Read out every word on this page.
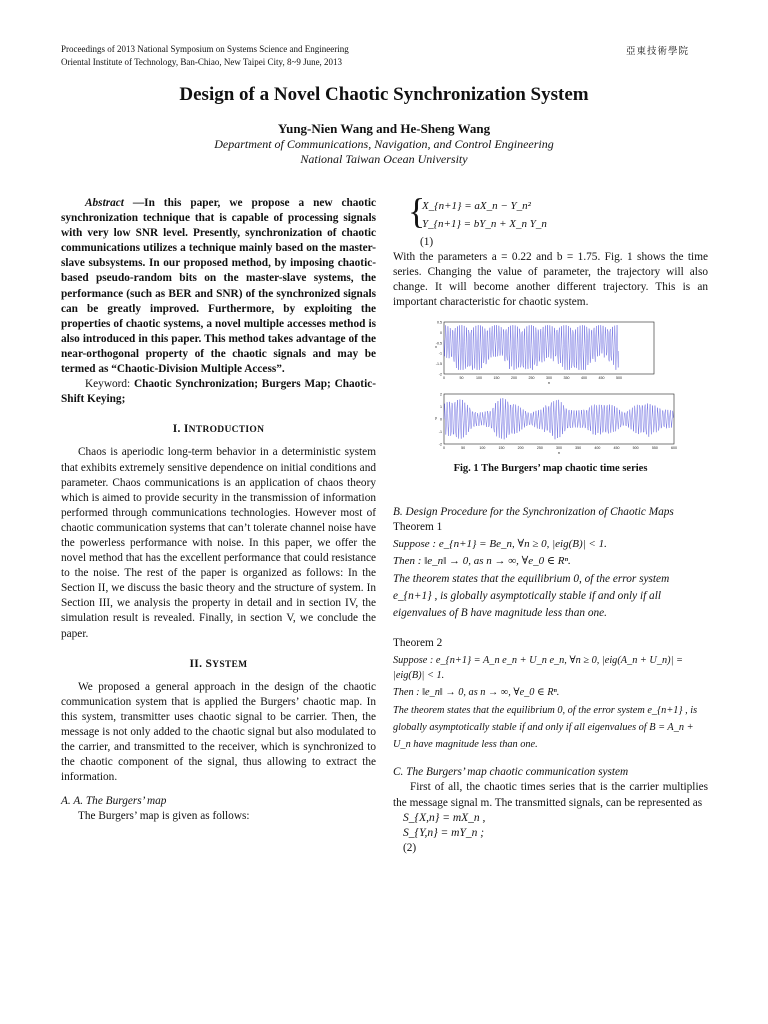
Proceedings of 2013 National Symposium on Systems Science and Engineering
Oriental Institute of Technology, Ban-Chiao, New Taipei City, 8~9 June, 2013
亞東技術學院
Design of a Novel Chaotic Synchronization System
Yung-Nien Wang and He-Sheng Wang
Department of Communications, Navigation, and Control Engineering
National Taiwan Ocean University

Abstract —In this paper, we propose a new chaotic synchronization technique that is capable of processing signals with very low SNR level. Presently, synchronization of chaotic communications utilizes a technique mainly based on the master-slave subsystems. In our proposed method, by imposing chaotic-based pseudo-random bits on the master-slave systems, the performance (such as BER and SNR) of the synchronized signals can be greatly improved. Furthermore, by exploiting the properties of chaotic systems, a novel multiple accesses method is also introduced in this paper. This method takes advantage of the near-orthogonal property of the chaotic signals and may be termed as “Chaotic-Division Multiple Access”.

Keyword: Chaotic Synchronization; Burgers Map; Chaotic-Shift Keying;

I. INTRODUCTION

Chaos is aperiodic long-term behavior in a deterministic system that exhibits extremely sensitive dependence on initial conditions and parameter. Chaos communications is an application of chaos theory which is aimed to provide security in the transmission of information performed through communications technologies. However most of chaotic communication systems that can’t tolerate channel noise have the powerless performance with noise. In this paper, we offer the novel method that has the excellent performance that could resistance to the noise. The rest of the paper is organized as follows: In the Section II, we discuss the basic theory and the structure of system. In Section III, we analysis the property in detail and in section IV, the simulation result is revealed. Finally, in section V, we conclude the paper.

II. SYSTEM

We proposed a general approach in the design of the chaotic communication system that is applied the Burgers’ chaotic map. In this system, transmitter uses chaotic signal to be carrier. Then, the message is not only added to the chaotic signal but also modulated to the carrier, and transmitted to the receiver, which is synchronized to the chaotic component of the signal, thus allowing to extract the information.

A. A. The Burgers’ map

The Burgers’ map is given as follows:

{
X_{n+1} = aX_n − Y_n²
Y_{n+1} = bY_n + X_n Y_n
(1)

With the parameters a = 0.22 and b = 1.75. Fig. 1 shows the time series. Changing the value of parameter, the trajectory will also change. It will become another different trajectory. This is an important characteristic for chaotic system.

0.5
0
-0.5
-1
-1.5
-2
0	50	100	150	200	250	300	350	400	450	500
x
n
2
1
0
-1
-2
0	50	100	150	200	250	300	350	400	450	500	550	600
y
n
Fig. 1 The Burgers’ map chaotic time series

B. Design Procedure for the Synchronization of Chaotic Maps

Theorem 1

Suppose : e_{n+1} = Be_n, ∀n ≥ 0, |eig(B)| < 1.

Then : ‖e_n‖ → 0, as n → ∞, ∀e_0 ∈ Rⁿ.

The theorem states that the equilibrium 0, of the error system e_{n+1} , is globally asymptotically stable if and only if all eigenvalues of B have magnitude less than one.

Theorem 2

Suppose : e_{n+1} = A_n e_n + U_n e_n, ∀n ≥ 0, |eig(A_n + U_n)| = |eig(B)| < 1.

Then : ‖e_n‖ → 0, as n → ∞, ∀e_0 ∈ Rⁿ.

The theorem states that the equilibrium 0, of the error system e_{n+1} , is globally asymptotically stable if and only if all eigenvalues of B = A_n + U_n have magnitude less than one.

C. The Burgers’ map chaotic communication system

First of all, the chaotic times series that is the carrier multiplies the message signal m. The transmitted signals, can be represented as

S_{X,n} = mX_n ,

S_{Y,n} = mY_n ;

(2)
